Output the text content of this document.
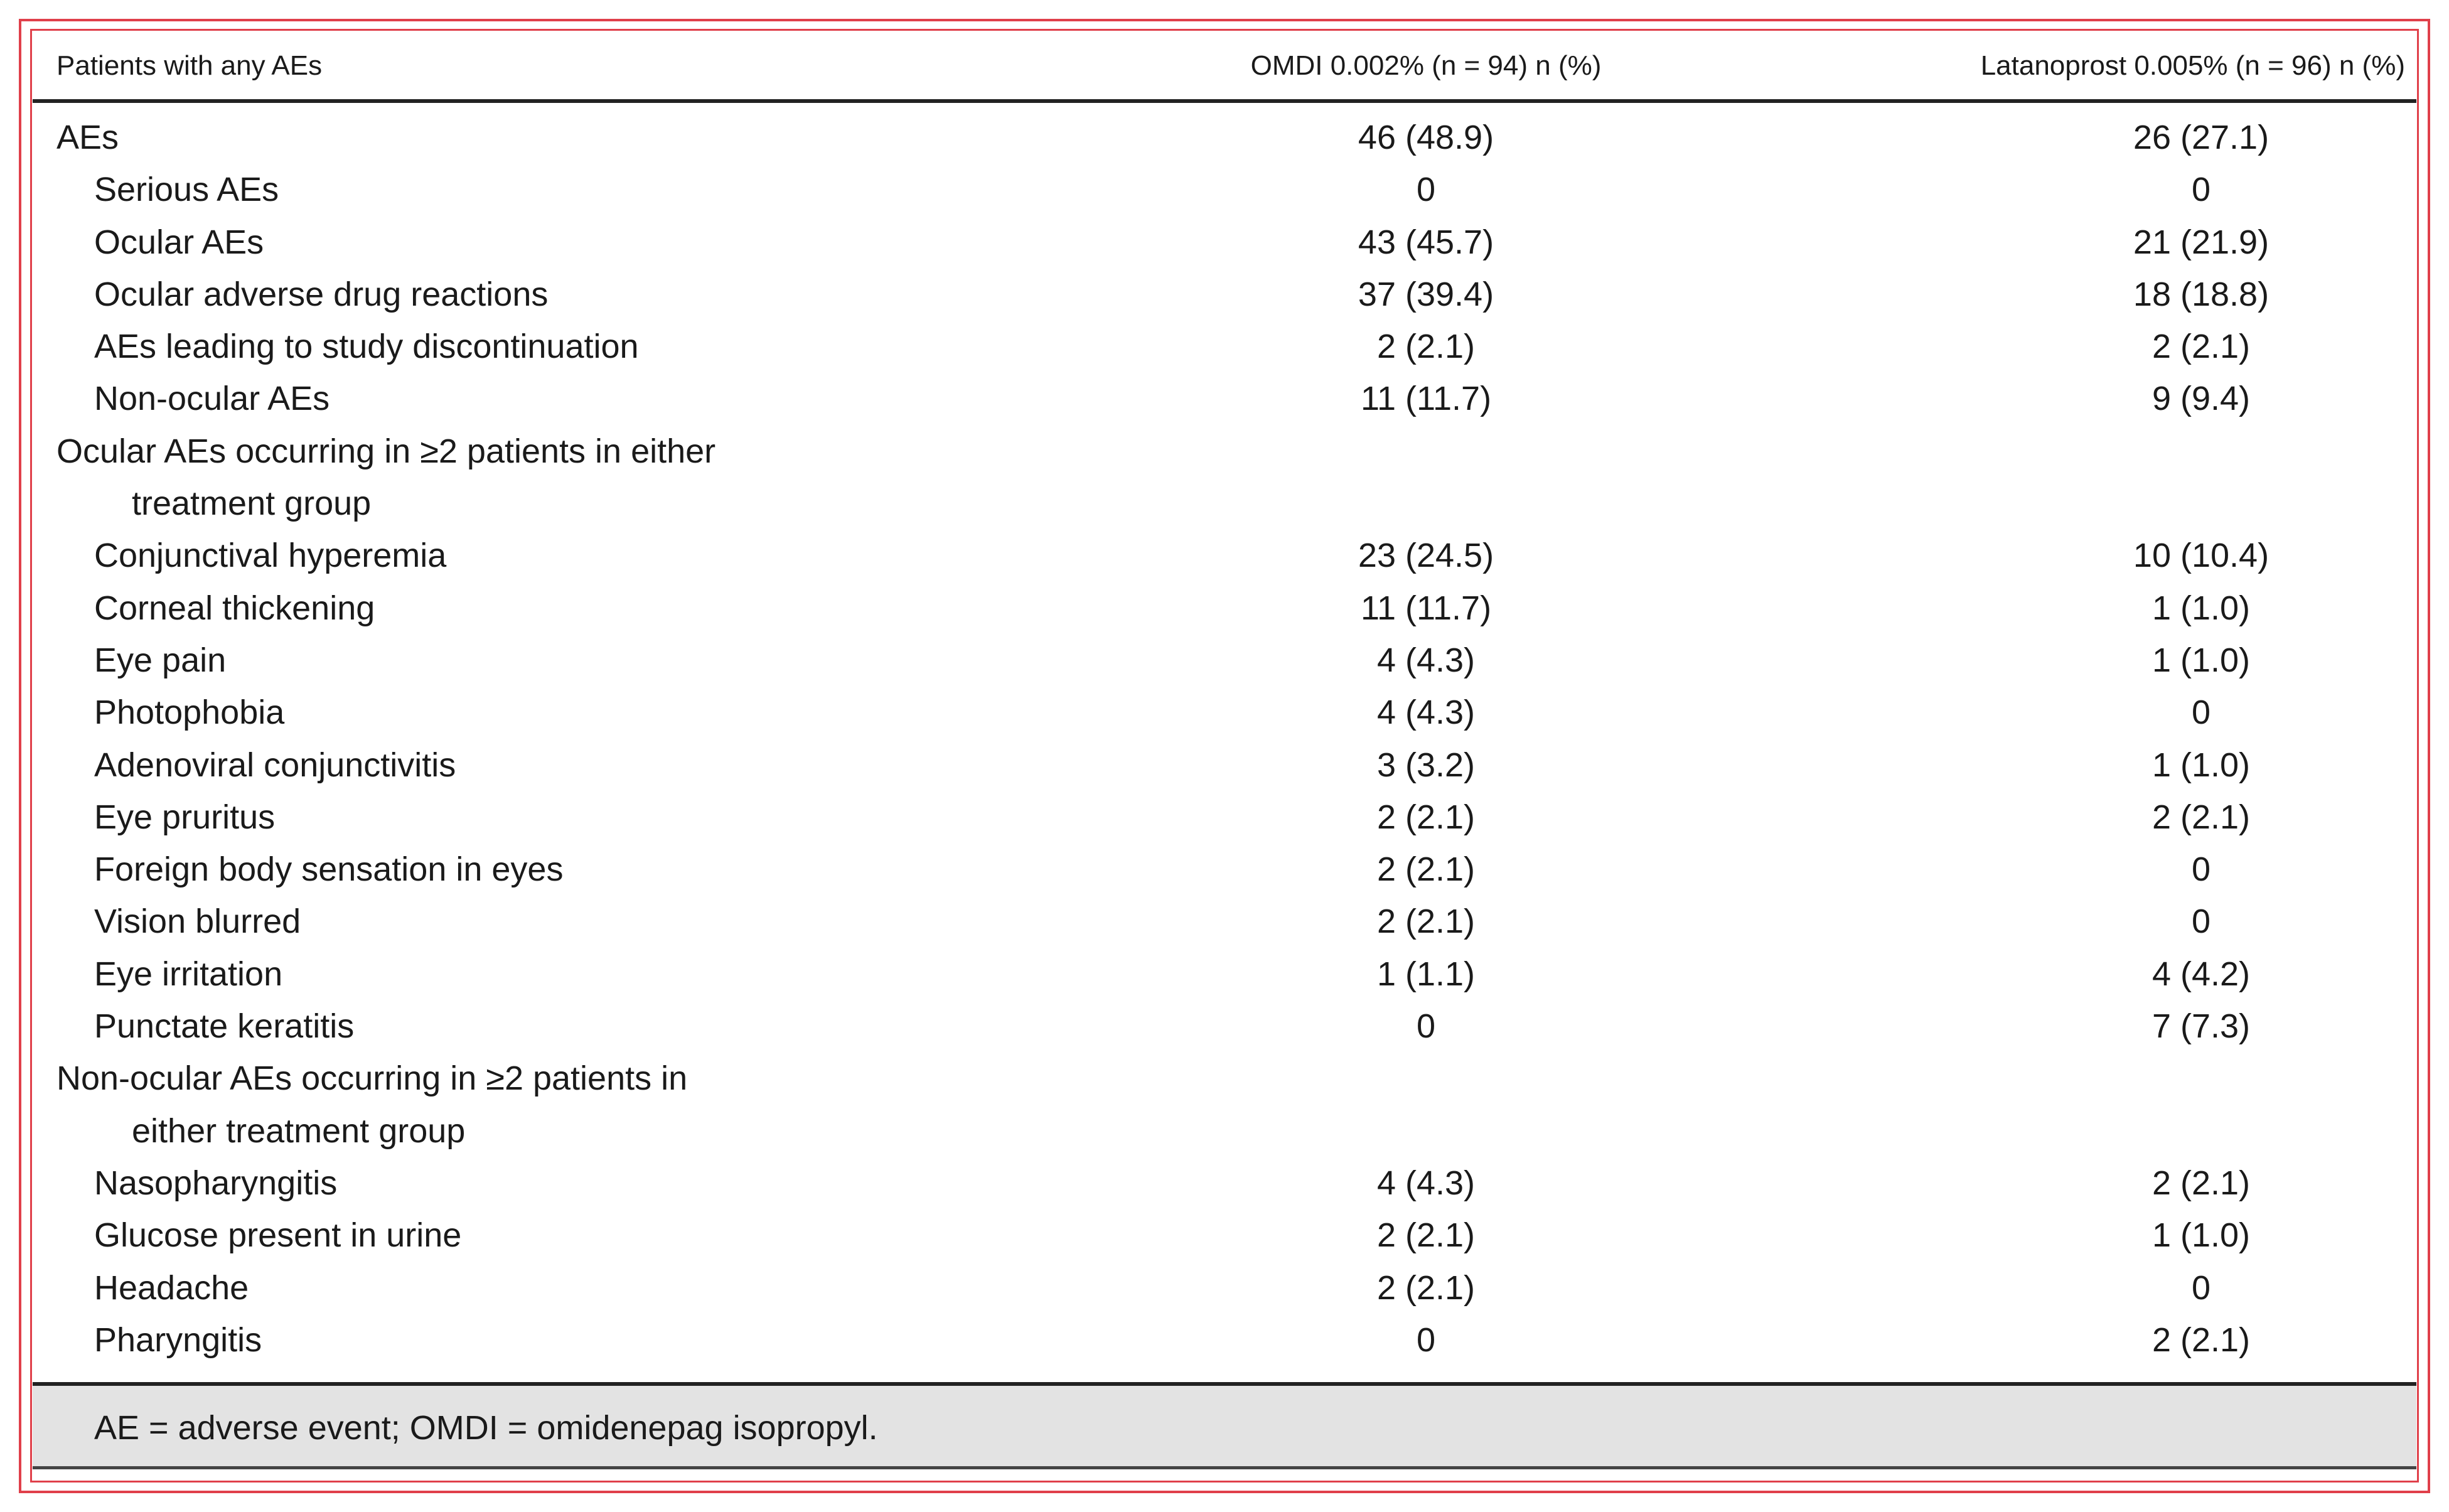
Patients with any AEs	OMDI 0.002% (n = 94) n (%)	Latanoprost 0.005% (n = 96) n (%)
AEs	46 (48.9)	26 (27.1)
Serious AEs	0	0
Ocular AEs	43 (45.7)	21 (21.9)
Ocular adverse drug reactions	37 (39.4)	18 (18.8)
AEs leading to study discontinuation	2 (2.1)	2 (2.1)
Non-ocular AEs	11 (11.7)	9 (9.4)
Ocular AEs occurring in ≥2 patients in either
treatment group
Conjunctival hyperemia	23 (24.5)	10 (10.4)
Corneal thickening	11 (11.7)	1 (1.0)
Eye pain	4 (4.3)	1 (1.0)
Photophobia	4 (4.3)	0
Adenoviral conjunctivitis	3 (3.2)	1 (1.0)
Eye pruritus	2 (2.1)	2 (2.1)
Foreign body sensation in eyes	2 (2.1)	0
Vision blurred	2 (2.1)	0
Eye irritation	1 (1.1)	4 (4.2)
Punctate keratitis	0	7 (7.3)
Non-ocular AEs occurring in ≥2 patients in
either treatment group
Nasopharyngitis	4 (4.3)	2 (2.1)
Glucose present in urine	2 (2.1)	1 (1.0)
Headache	2 (2.1)	0
Pharyngitis	0	2 (2.1)
AE = adverse event; OMDI = omidenepag isopropyl.
